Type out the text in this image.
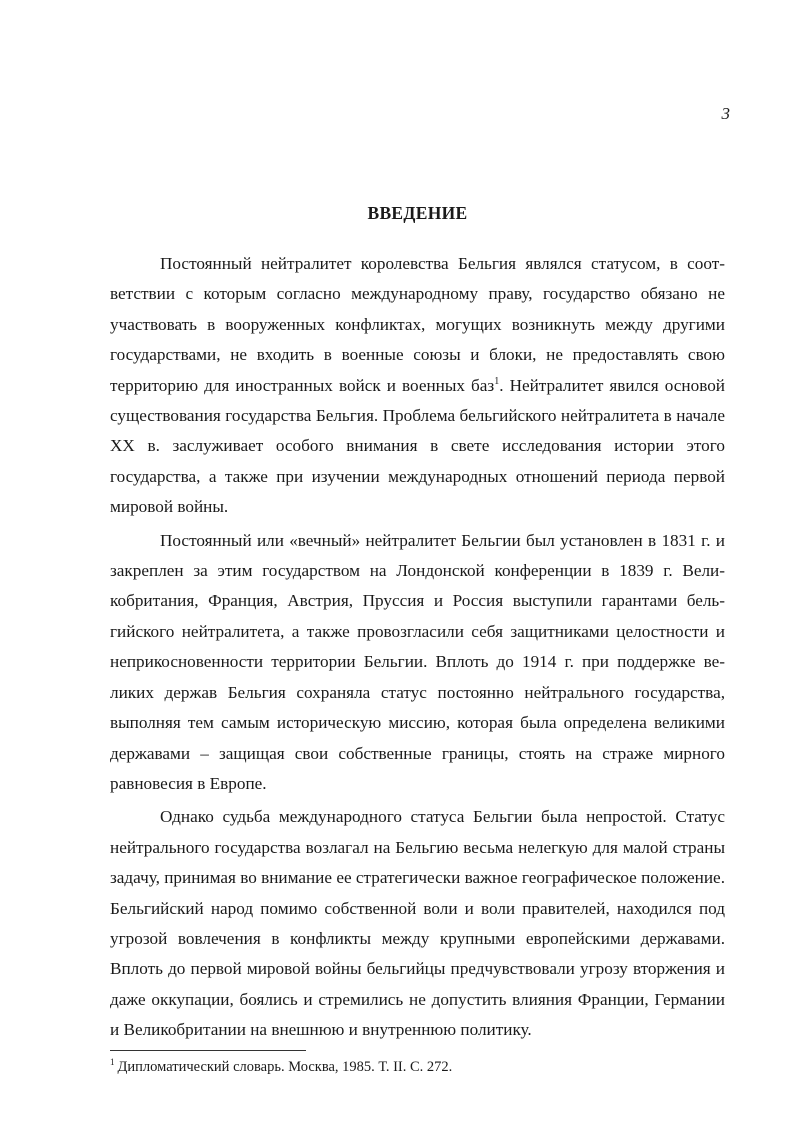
3
ВВЕДЕНИЕ

Постоянный нейтралитет королевства Бельгия являлся статусом, в соответствии с которым согласно международному праву, государство обязано не участвовать в вооруженных конфликтах, могущих возникнуть между другими государствами, не входить в военные союзы и блоки, не предоставлять свою территорию для иностранных войск и военных баз$^1$. Нейтралитет явился основой существования государства Бельгия. Проблема бельгийского нейтралитета в начале XX в. заслуживает особого внимания в свете исследования истории этого государства, а также при изучении международных отношений периода первой мировой войны.

Постоянный или «вечный» нейтралитет Бельгии был установлен в 1831 г. и закреплен за этим государством на Лондонской конференции в 1839 г. Великобритания, Франция, Австрия, Пруссия и Россия выступили гарантами бельгийского нейтралитета, а также провозгласили себя защитниками целостности и неприкосновенности территории Бельгии. Вплоть до 1914 г. при поддержке великих держав Бельгия сохраняла статус постоянно нейтрального государства, выполняя тем самым историческую миссию, которая была определена великими державами – защищая свои собственные границы, стоять на страже мирного равновесия в Европе.

Однако судьба международного статуса Бельгии была непростой. Статус нейтрального государства возлагал на Бельгию весьма нелегкую для малой страны задачу, принимая во внимание ее стратегически важное географическое положение. Бельгийский народ помимо собственной воли и воли правителей, находился под угрозой вовлечения в конфликты между крупными европейскими державами. Вплоть до первой мировой войны бельгийцы предчувствовали угрозу вторжения и даже оккупации, боялись и стремились не допустить влияния Франции, Германии и Великобритании на внешнюю и внутреннюю политику.

$^1$ Дипломатический словарь. Москва, 1985. Т. II. С. 272.
